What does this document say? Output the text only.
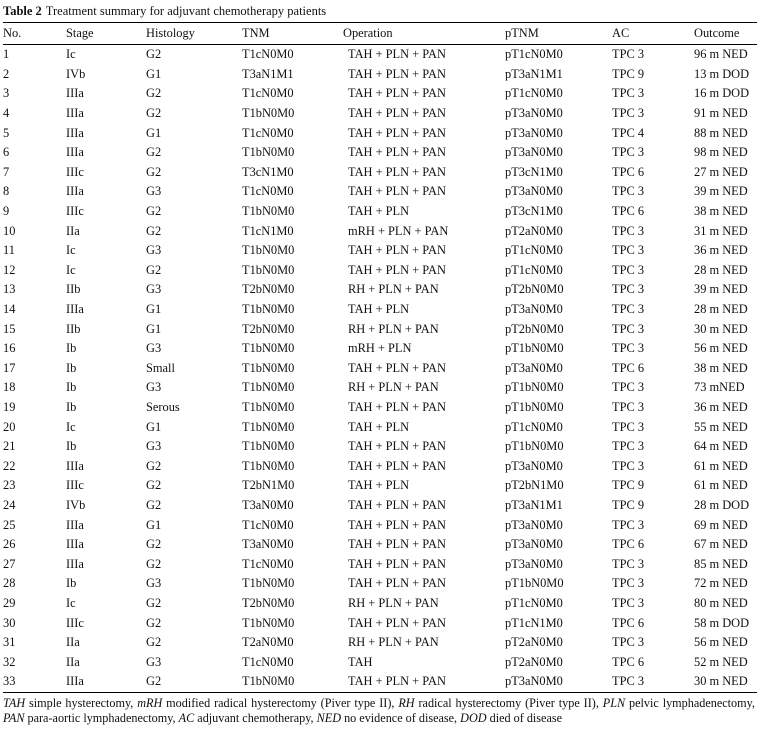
Table 2 Treatment summary for adjuvant chemotherapy patients
No.	Stage	Histology	TNM	Operation	pTNM	AC	Outcome
1	Ic	G2	T1cN0M0	TAH + PLN + PAN	pT1cN0M0	TPC 3	96 m NED
2	IVb	G1	T3aN1M1	TAH + PLN + PAN	pT3aN1M1	TPC 9	13 m DOD
3	IIIa	G2	T1cN0M0	TAH + PLN + PAN	pT1cN0M0	TPC 3	16 m DOD
4	IIIa	G2	T1bN0M0	TAH + PLN + PAN	pT3aN0M0	TPC 3	91 m NED
5	IIIa	G1	T1cN0M0	TAH + PLN + PAN	pT3aN0M0	TPC 4	88 m NED
6	IIIa	G2	T1bN0M0	TAH + PLN + PAN	pT3aN0M0	TPC 3	98 m NED
7	IIIc	G2	T3cN1M0	TAH + PLN + PAN	pT3cN1M0	TPC 6	27 m NED
8	IIIa	G3	T1cN0M0	TAH + PLN + PAN	pT3aN0M0	TPC 3	39 m NED
9	IIIc	G2	T1bN0M0	TAH + PLN	pT3cN1M0	TPC 6	38 m NED
10	IIa	G2	T1cN1M0	mRH + PLN + PAN	pT2aN0M0	TPC 3	31 m NED
11	Ic	G3	T1bN0M0	TAH + PLN + PAN	pT1cN0M0	TPC 3	36 m NED
12	Ic	G2	T1bN0M0	TAH + PLN + PAN	pT1cN0M0	TPC 3	28 m NED
13	IIb	G3	T2bN0M0	RH + PLN + PAN	pT2bN0M0	TPC 3	39 m NED
14	IIIa	G1	T1bN0M0	TAH + PLN	pT3aN0M0	TPC 3	28 m NED
15	IIb	G1	T2bN0M0	RH + PLN + PAN	pT2bN0M0	TPC 3	30 m NED
16	Ib	G3	T1bN0M0	mRH + PLN	pT1bN0M0	TPC 3	56 m NED
17	Ib	Small	T1bN0M0	TAH + PLN + PAN	pT3aN0M0	TPC 6	38 m NED
18	Ib	G3	T1bN0M0	RH + PLN + PAN	pT1bN0M0	TPC 3	73 mNED
19	Ib	Serous	T1bN0M0	TAH + PLN + PAN	pT1bN0M0	TPC 3	36 m NED
20	Ic	G1	T1bN0M0	TAH + PLN	pT1cN0M0	TPC 3	55 m NED
21	Ib	G3	T1bN0M0	TAH + PLN + PAN	pT1bN0M0	TPC 3	64 m NED
22	IIIa	G2	T1bN0M0	TAH + PLN + PAN	pT3aN0M0	TPC 3	61 m NED
23	IIIc	G2	T2bN1M0	TAH + PLN	pT2bN1M0	TPC 9	61 m NED
24	IVb	G2	T3aN0M0	TAH + PLN + PAN	pT3aN1M1	TPC 9	28 m DOD
25	IIIa	G1	T1cN0M0	TAH + PLN + PAN	pT3aN0M0	TPC 3	69 m NED
26	IIIa	G2	T3aN0M0	TAH + PLN + PAN	pT3aN0M0	TPC 6	67 m NED
27	IIIa	G2	T1cN0M0	TAH + PLN + PAN	pT3aN0M0	TPC 3	85 m NED
28	Ib	G3	T1bN0M0	TAH + PLN + PAN	pT1bN0M0	TPC 3	72 m NED
29	Ic	G2	T2bN0M0	RH + PLN + PAN	pT1cN0M0	TPC 3	80 m NED
30	IIIc	G2	T1bN0M0	TAH + PLN + PAN	pT1cN1M0	TPC 6	58 m DOD
31	IIa	G2	T2aN0M0	RH + PLN + PAN	pT2aN0M0	TPC 3	56 m NED
32	IIa	G3	T1cN0M0	TAH	pT2aN0M0	TPC 6	52 m NED
33	IIIa	G2	T1bN0M0	TAH + PLN + PAN	pT3aN0M0	TPC 3	30 m NED
TAH simple hysterectomy, mRH modified radical hysterectomy (Piver type II), RH radical hysterectomy (Piver type II), PLN pelvic lymphadenectomy, PAN para-aortic lymphadenectomy, AC adjuvant chemotherapy, NED no evidence of disease, DOD died of disease
